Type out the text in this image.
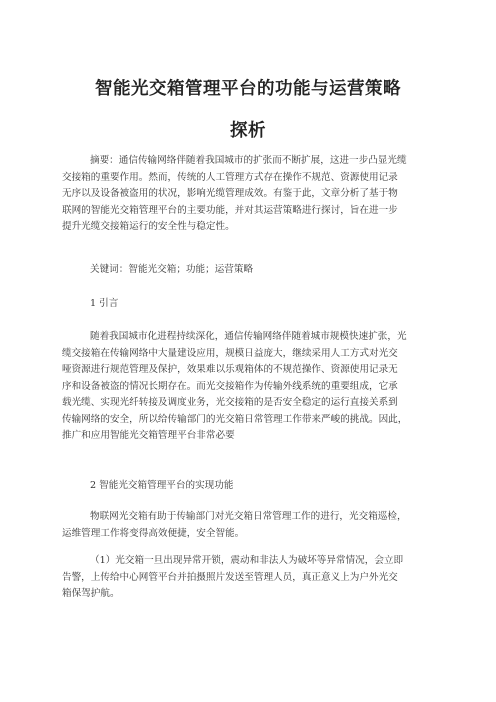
智能光交箱管理平台的功能与运营策略
探析
摘要：通信传输网络伴随着我国城市的扩张而不断扩展，这进一步凸显光缆
交接箱的重要作用。然而，传统的人工管理方式存在操作不规范、资源使用记录
无序以及设备被盗用的状况，影响光缆管理成效。有鉴于此，文章分析了基于物
联网的智能光交箱管理平台的主要功能，并对其运营策略进行探讨，旨在进一步
提升光缆交接箱运行的安全性与稳定性。
关键词：智能光交箱；功能；运营策略
1 引言
随着我国城市化进程持续深化，通信传输网络伴随着城市规模快速扩张，光
缆交接箱在传输网络中大量建设应用，规模日益庞大，继续采用人工方式对光交
哑资源进行规范管理及保护，效果难以乐观箱体的不规范操作、资源使用记录无
序和设备被盗的情况长期存在。而光交接箱作为传输外线系统的重要组成，它承
载光缆、实现光纤转接及调度业务，光交接箱的是否安全稳定的运行直接关系到
传输网络的安全，所以给传输部门的光交箱日常管理工作带来严峻的挑战。因此，
推广和应用智能光交箱管理平台非常必要
2 智能光交箱管理平台的实现功能
物联网光交箱有助于传输部门对光交箱日常管理工作的进行，光交箱巡检，
运维管理工作将变得高效便捷，安全智能。
（1）光交箱一旦出现异常开锁，震动和非法人为破坏等异常情况，会立即
告警，上传给中心网管平台并拍摄照片发送至管理人员，真正意义上为户外光交
箱保驾护航。
